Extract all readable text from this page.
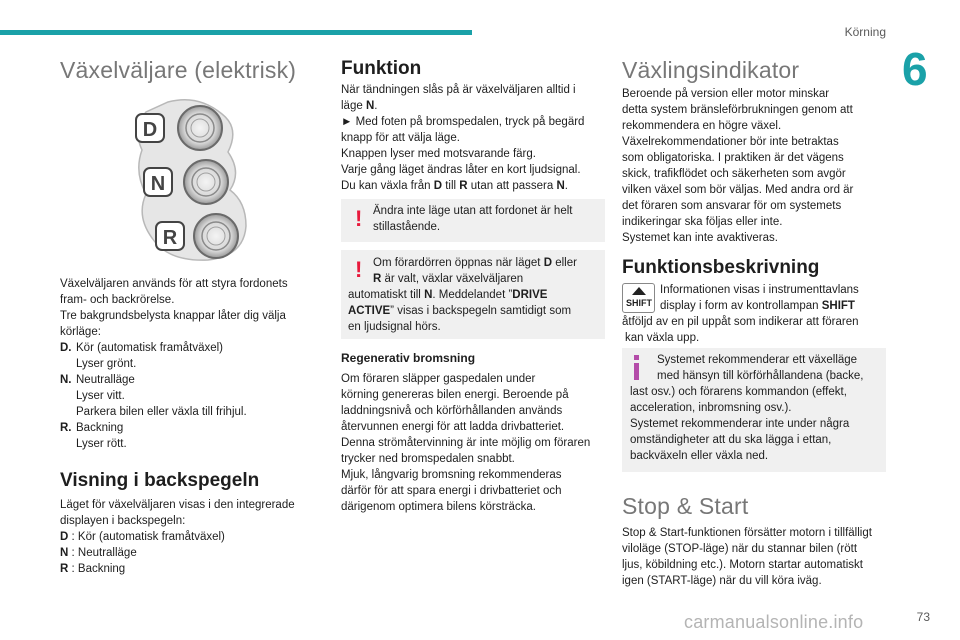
Körning
6
73
carmanualsonline.info
Växelväljare (elektrisk)
D
N
R
Växelväljaren används för att styra fordonets
fram- och backrörelse.
Tre bakgrundsbelysta knappar låter dig välja
körläge:
D. Kör (automatisk framåtväxel)
Lyser grönt.
N. Neutralläge
Lyser vitt.
Parkera bilen eller växla till frihjul.
R. Backning
Lyser rött.
Visning i backspegeln
Läget för växelväljaren visas i den integrerade
displayen i backspegeln:
D : Kör (automatisk framåtväxel)
N : Neutralläge
R : Backning
Funktion
När tändningen slås på är växelväljaren alltid i
läge N.
► Med foten på bromspedalen, tryck på begärd
knapp för att välja läge.
Knappen lyser med motsvarande färg.
Varje gång läget ändras låter en kort ljudsignal.
Du kan växla från D till R utan att passera N.
! Ändra inte läge utan att fordonet är helt
stillastående.
! Om förardörren öppnas när läget D eller
R är valt, växlar växelväljaren
automatiskt till N. Meddelandet ”DRIVE
ACTIVE” visas i backspegeln samtidigt som
en ljudsignal hörs.
Regenerativ bromsning
Om föraren släpper gaspedalen under
körning genereras bilen energi. Beroende på
laddningsnivå och körförhållanden används
återvunnen energi för att ladda drivbatteriet.
Denna strömåtervinning är inte möjlig om föraren
trycker ned bromspedalen snabbt.
Mjuk, långvarig bromsning rekommenderas
därför för att spara energi i drivbatteriet och
därigenom optimera bilens körsträcka.
Växlingsindikator
Beroende på version eller motor minskar
detta system bränsleförbrukningen genom att
rekommendera en högre växel.
Växelrekommendationer bör inte betraktas
som obligatoriska. I praktiken är det vägens
skick, trafikflödet och säkerheten som avgör
vilken växel som bör väljas. Med andra ord är
det föraren som ansvarar för om systemets
indikeringar ska följas eller inte.
Systemet kan inte avaktiveras.
Funktionsbeskrivning
SHIFT
Informationen visas i instrumenttavlans
display i form av kontrollampan SHIFT
åtföljd av en pil uppåt som indikerar att föraren
kan växla upp.
Systemet rekommenderar ett växelläge
med hänsyn till körförhållandena (backe,
last osv.) och förarens kommandon (effekt,
acceleration, inbromsning osv.).
Systemet rekommenderar inte under några
omständigheter att du ska lägga i ettan,
backväxeln eller växla ned.
Stop & Start
Stop & Start-funktionen försätter motorn i tillfälligt
viloläge (STOP-läge) när du stannar bilen (rött
ljus, köbildning etc.). Motorn startar automatiskt
igen (START-läge) när du vill köra iväg.
